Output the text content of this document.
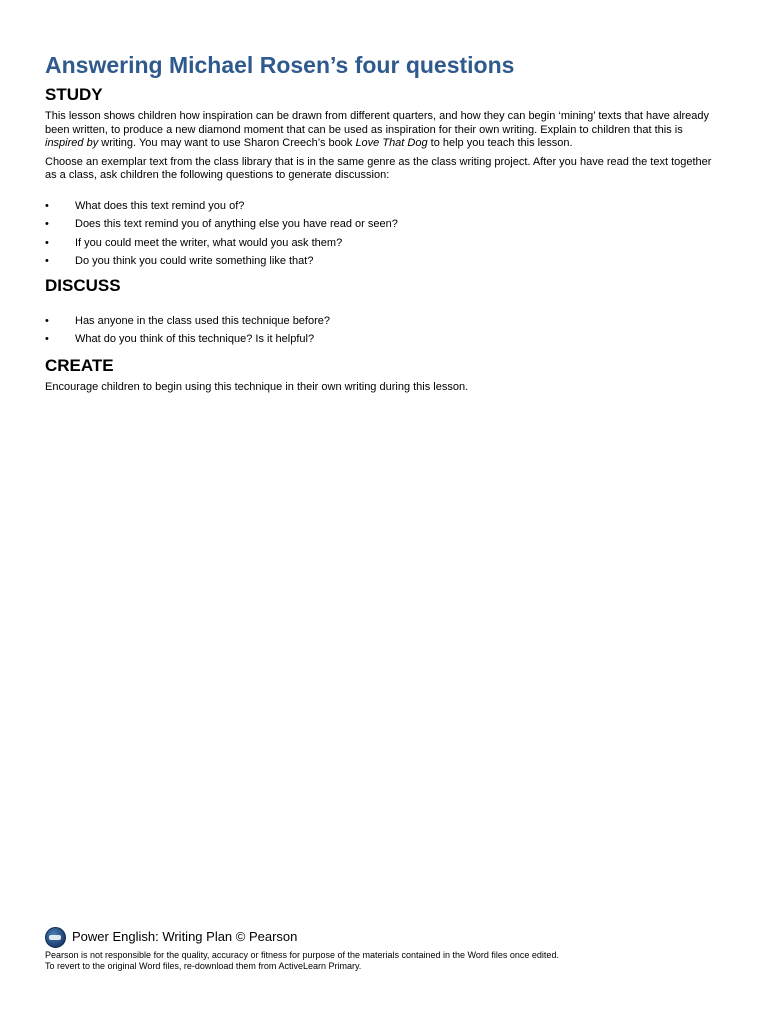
Answering Michael Rosen’s four questions
STUDY

This lesson shows children how inspiration can be drawn from different quarters, and how they can begin ‘mining’ texts that have already been written, to produce a new diamond moment that can be used as inspiration for their own writing. Explain to children that this is inspired by writing. You may want to use Sharon Creech’s book Love That Dog to help you teach this lesson.

Choose an exemplar text from the class library that is in the same genre as the class writing project. After you have read the text together as a class, ask children the following questions to generate discussion:

• What does this text remind you of?
• Does this text remind you of anything else you have read or seen?
• If you could meet the writer, what would you ask them?
• Do you think you could write something like that?
DISCUSS
• Has anyone in the class used this technique before?
• What do you think of this technique? Is it helpful?
CREATE

Encourage children to begin using this technique in their own writing during this lesson.

Power English: Writing Plan © Pearson
Pearson is not responsible for the quality, accuracy or fitness for purpose of the materials contained in the Word files once edited.
To revert to the original Word files, re-download them from ActiveLearn Primary.
